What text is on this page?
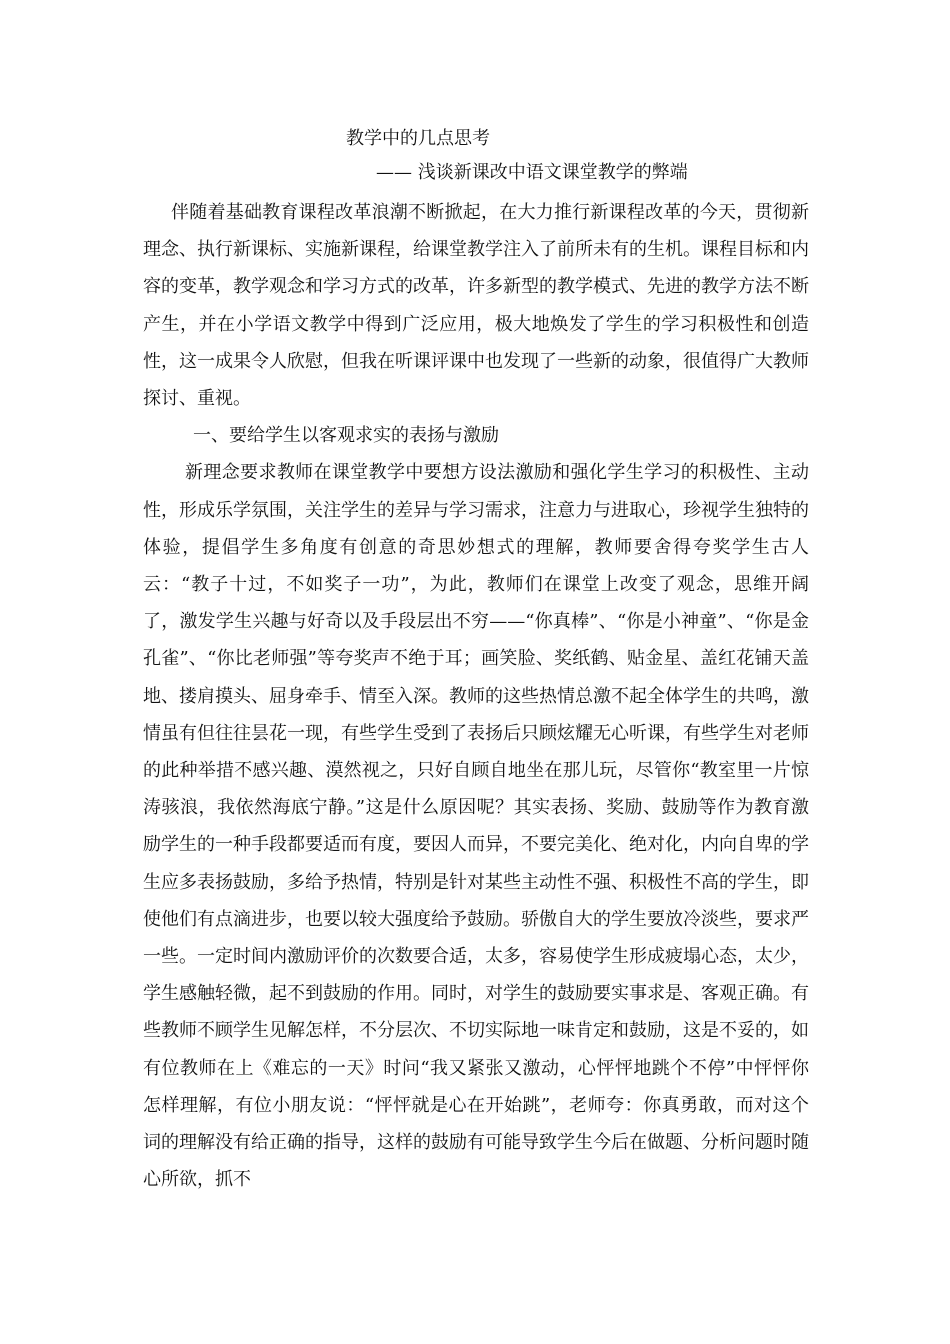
教学中的几点思考
—— 浅谈新课改中语文课堂教学的弊端

伴随着基础教育课程改革浪潮不断掀起，在大力推行新课程改革的今天，贯彻新理念、执行新课标、实施新课程，给课堂教学注入了前所未有的生机。课程目标和内容的变革，教学观念和学习方式的改革，许多新型的教学模式、先进的教学方法不断产生，并在小学语文教学中得到广泛应用，极大地焕发了学生的学习积极性和创造性，这一成果令人欣慰，但我在听课评课中也发现了一些新的动象，很值得广大教师探讨、重视。

一、要给学生以客观求实的表扬与激励

新理念要求教师在课堂教学中要想方设法激励和强化学生学习的积极性、主动性，形成乐学氛围，关注学生的差异与学习需求，注意力与进取心，珍视学生独特的体验，提倡学生多角度有创意的奇思妙想式的理解，教师要舍得夸奖学生古人云：“教子十过，不如奖子一功”，为此，教师们在课堂上改变了观念，思维开阔了，激发学生兴趣与好奇以及手段层出不穷——“你真棒”、“你是小神童”、“你是金孔雀”、“你比老师强”等夸奖声不绝于耳；画笑脸、奖纸鹤、贴金星、盖红花铺天盖地、搂肩摸头、屈身牵手、情至入深。教师的这些热情总激不起全体学生的共鸣，激情虽有但往往昙花一现，有些学生受到了表扬后只顾炫耀无心听课，有些学生对老师的此种举措不感兴趣、漠然视之，只好自顾自地坐在那儿玩，尽管你“教室里一片惊涛骇浪，我依然海底宁静。”这是什么原因呢？其实表扬、奖励、鼓励等作为教育激励学生的一种手段都要适而有度，要因人而异，不要完美化、绝对化，内向自卑的学生应多表扬鼓励，多给予热情，特别是针对某些主动性不强、积极性不高的学生，即使他们有点滴进步，也要以较大强度给予鼓励。骄傲自大的学生要放冷淡些，要求严一些。一定时间内激励评价的次数要合适，太多，容易使学生形成疲塌心态，太少，学生感触轻微，起不到鼓励的作用。同时，对学生的鼓励要实事求是、客观正确。有些教师不顾学生见解怎样，不分层次、不切实际地一味肯定和鼓励，这是不妥的，如有位教师在上《难忘的一天》时问“我又紧张又激动，心怦怦地跳个不停”中怦怦你怎样理解，有位小朋友说：“怦怦就是心在开始跳”，老师夸：你真勇敢，而对这个词的理解没有给正确的指导，这样的鼓励有可能导致学生今后在做题、分析问题时随心所欲，抓不
